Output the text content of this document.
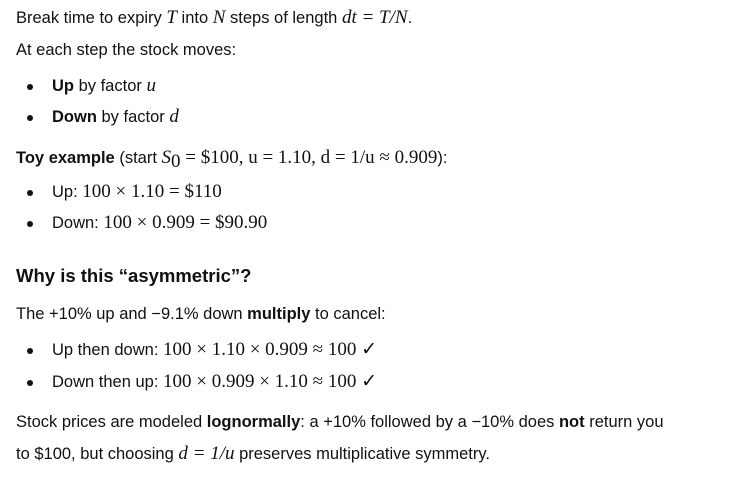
Break time to expiry T into N steps of length dt = T/N.
At each step the stock moves:
Up by factor u
Down by factor d
Toy example (start $S_0$ = $100, u = 1.10, d = 1/u ≈ 0.909):
Up: 100 × 1.10 = $110
Down: 100 × 0.909 = $90.90
Why is this “asymmetric”?
The +10% up and −9.1% down multiply to cancel:
Up then down: 100 × 1.10 × 0.909 ≈ 100 ✓
Down then up: 100 × 0.909 × 1.10 ≈ 100 ✓
Stock prices are modeled lognormally: a +10% followed by a −10% does not return you
to $100, but choosing d = 1/u preserves multiplicative symmetry.
